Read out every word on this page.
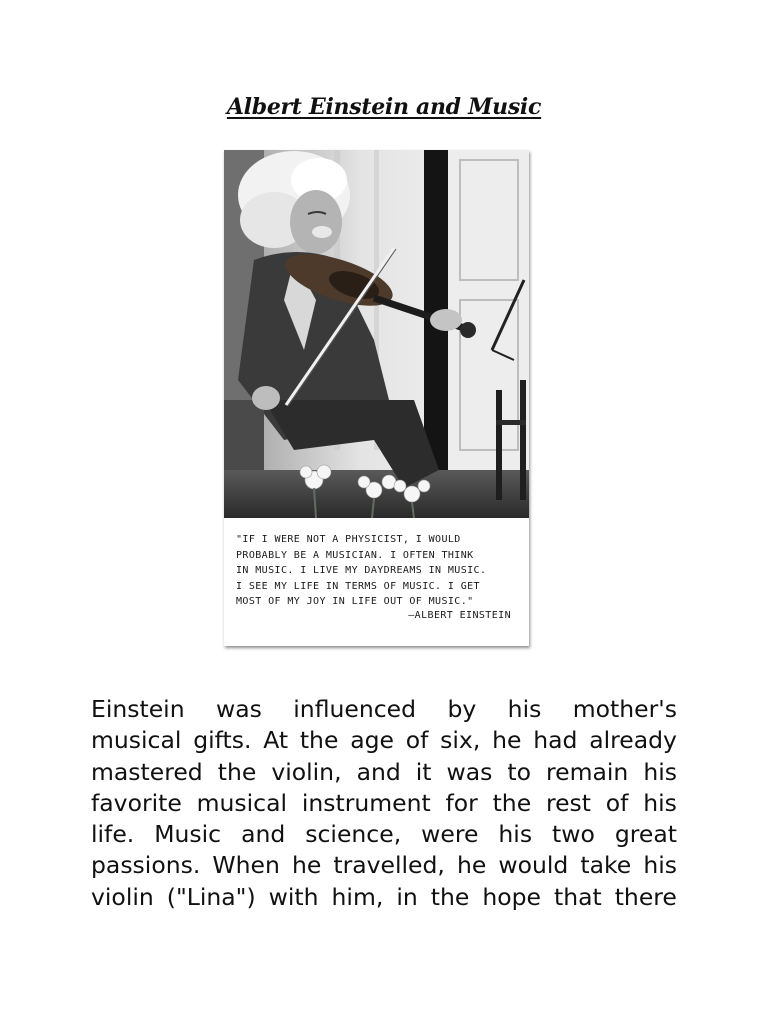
Albert Einstein and Music
"IF I WERE NOT A PHYSICIST, I WOULD
PROBABLY BE A MUSICIAN. I OFTEN THINK
IN MUSIC. I LIVE MY DAYDREAMS IN MUSIC.
I SEE MY LIFE IN TERMS OF MUSIC. I GET
MOST OF MY JOY IN LIFE OUT OF MUSIC."
–ALBERT EINSTEIN
Einstein was influenced by his mother's
musical gifts. At the age of six, he had already
mastered the violin, and it was to remain his
favorite musical instrument for the rest of his
life. Music and science, were his two great
passions. When he travelled, he would take his
violin ("Lina") with him, in the hope that there
